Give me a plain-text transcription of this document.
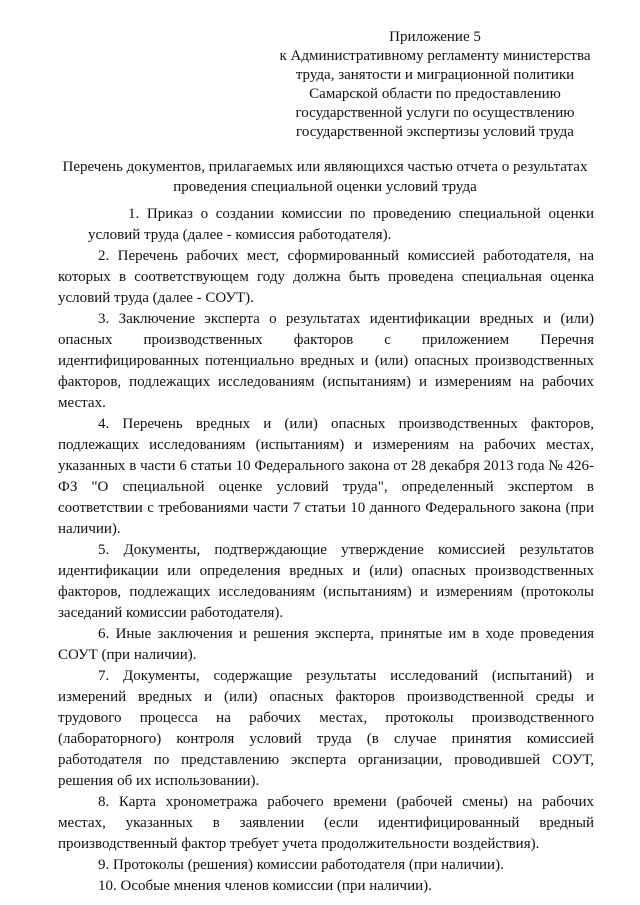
Приложение 5
к Административному регламенту министерства
труда, занятости и миграционной политики
Самарской области по предоставлению
государственной услуги по осуществлению
государственной экспертизы условий труда
Перечень документов, прилагаемых или являющихся частью отчета о результатах
проведения специальной оценки условий труда

1. Приказ о создании комиссии по проведению специальной оценки условий труда (далее - комиссия работодателя).

2. Перечень рабочих мест, сформированный комиссией работодателя, на которых в соответствующем году должна быть проведена специальная оценка условий труда (далее - СОУТ).

3. Заключение эксперта о результатах идентификации вредных и (или) опасных производственных факторов с приложением Перечня идентифицированных потенциально вредных и (или) опасных производственных факторов, подлежащих исследованиям (испытаниям) и измерениям на рабочих местах.

4. Перечень вредных и (или) опасных производственных факторов, подлежащих исследованиям (испытаниям) и измерениям на рабочих местах, указанных в части 6 статьи 10 Федерального закона от 28 декабря 2013 года № 426-ФЗ "О специальной оценке условий труда", определенный экспертом в соответствии с требованиями части 7 статьи 10 данного Федерального закона (при наличии).

5. Документы, подтверждающие утверждение комиссией результатов идентификации или определения вредных и (или) опасных производственных факторов, подлежащих исследованиям (испытаниям) и измерениям (протоколы заседаний комиссии работодателя).

6. Иные заключения и решения эксперта, принятые им в ходе проведения СОУТ (при наличии).

7. Документы, содержащие результаты исследований (испытаний) и измерений вредных и (или) опасных факторов производственной среды и трудового процесса на рабочих местах, протоколы производственного (лабораторного) контроля условий труда (в случае принятия комиссией работодателя по представлению эксперта организации, проводившей СОУТ, решения об их использовании).

8. Карта хронометража рабочего времени (рабочей смены) на рабочих местах, указанных в заявлении (если идентифицированный вредный производственный фактор требует учета продолжительности воздействия).

9. Протоколы (решения) комиссии работодателя (при наличии).

10. Особые мнения членов комиссии (при наличии).
